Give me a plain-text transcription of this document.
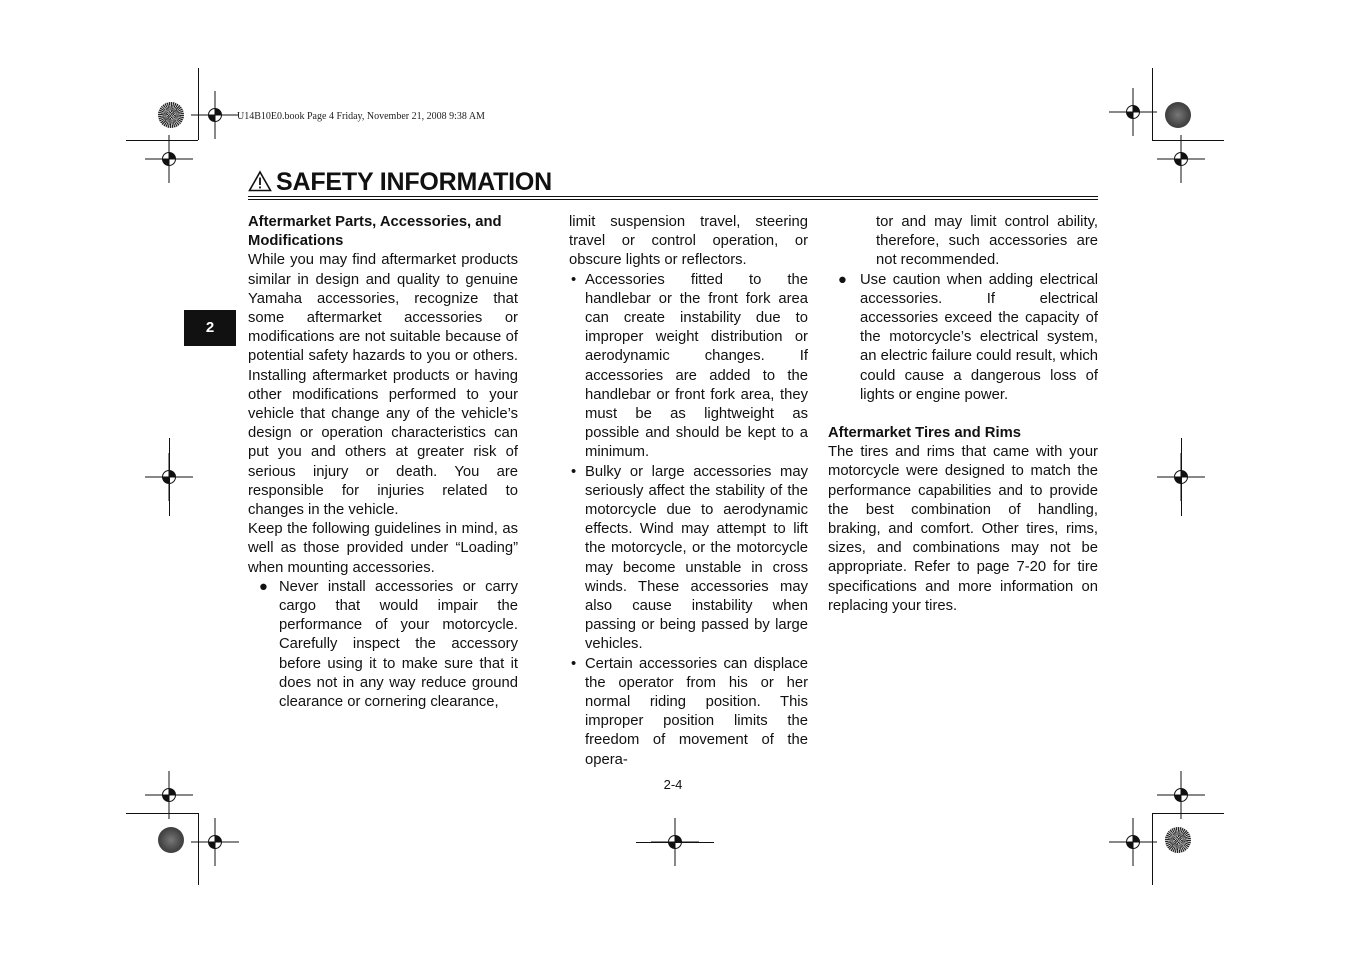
U14B10E0.book Page 4 Friday, November 21, 2008 9:38 AM
SAFETY INFORMATION
2
Aftermarket Parts, Accessories, and
Modifications
While you may find aftermarket products similar in design and quality to genuine Yamaha accessories, recognize that some aftermarket accessories or modifications are not suitable because of potential safety hazards to you or others. Installing aftermarket products or having other modifications performed to your vehicle that change any of the vehicle’s design or operation characteristics can put you and others at greater risk of serious injury or death. You are responsible for injuries related to changes in the vehicle.
Keep the following guidelines in mind, as well as those provided under “Loading” when mounting accessories.
● Never install accessories or carry cargo that would impair the performance of your motorcycle. Carefully inspect the accessory before using it to make sure that it does not in any way reduce ground clearance or cornering clearance,
limit suspension travel, steering travel or control operation, or obscure lights or reflectors.
• Accessories fitted to the handlebar or the front fork area can create instability due to improper weight distribution or aerodynamic changes. If accessories are added to the handlebar or front fork area, they must be as lightweight as possible and should be kept to a minimum.
• Bulky or large accessories may seriously affect the stability of the motorcycle due to aerodynamic effects. Wind may attempt to lift the motorcycle, or the motorcycle may become unstable in cross winds. These accessories may also cause instability when passing or being passed by large vehicles.
• Certain accessories can displace the operator from his or her normal riding position. This improper position limits the freedom of movement of the opera-
tor and may limit control ability, therefore, such accessories are not recommended.
● Use caution when adding electrical accessories. If electrical accessories exceed the capacity of the motorcycle’s electrical system, an electric failure could result, which could cause a dangerous loss of lights or engine power.
Aftermarket Tires and Rims
The tires and rims that came with your motorcycle were designed to match the performance capabilities and to provide the best combination of handling, braking, and comfort. Other tires, rims, sizes, and combinations may not be appropriate. Refer to page 7-20 for tire specifications and more information on replacing your tires.
2-4
